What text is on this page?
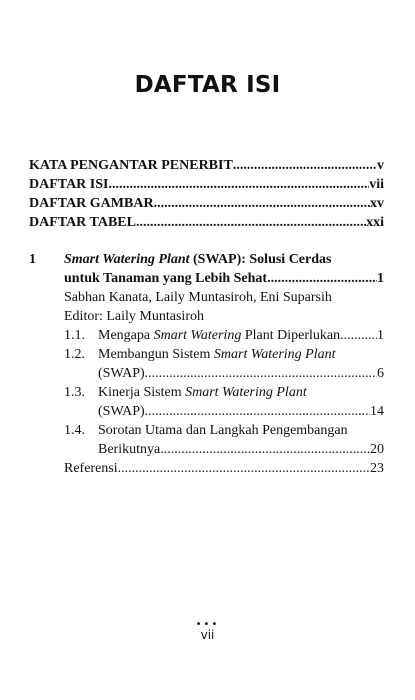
DAFTAR ISI
KATA PENGANTAR PENERBIT .....	v
DAFTAR ISI .....	vii
DAFTAR GAMBAR .....	xv
DAFTAR TABEL .....	xxi
1 Smart Watering Plant (SWAP): Solusi Cerdas
untuk Tanaman yang Lebih Sehat .....	1
Sabhan Kanata, Laily Muntasiroh, Eni Suparsih
Editor: Laily Muntasiroh
1.1. Mengapa Smart Watering Plant Diperlukan .....	1
1.2. Membangun Sistem Smart Watering Plant
(SWAP) .....	6
1.3. Kinerja Sistem Smart Watering Plant
(SWAP) .....	14
1.4. Sorotan Utama dan Langkah Pengembangan
Berikutnya .....	20
Referensi .....	23
•••
vii
